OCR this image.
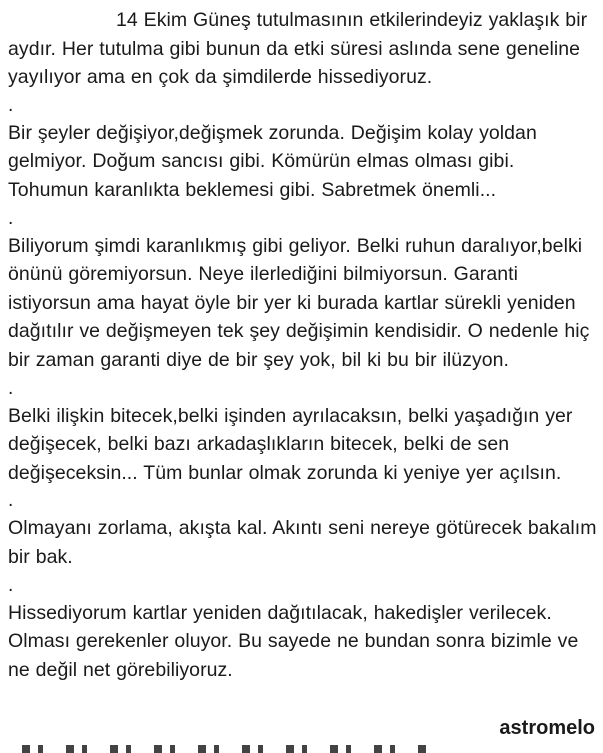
14 Ekim Güneş tutulmasının etkilerindeyiz yaklaşık bir aydır. Her tutulma gibi bunun da etki süresi aslında sene geneline yayılıyor ama en çok da şimdilerde hissediyoruz.

.

Bir şeyler değişiyor,değişmek zorunda. Değişim kolay yoldan gelmiyor. Doğum sancısı gibi. Kömürün elmas olması gibi. Tohumun karanlıkta beklemesi gibi. Sabretmek önemli...

.

Biliyorum şimdi karanlıkmış gibi geliyor. Belki ruhun daralıyor,belki önünü göremiyorsun. Neye ilerlediğini bilmiyorsun. Garanti istiyorsun ama hayat öyle bir yer ki burada kartlar sürekli yeniden dağıtılır ve değişmeyen tek şey değişimin kendisidir. O nedenle hiç bir zaman garanti diye de bir şey yok, bil ki bu bir ilüzyon.

.

Belki ilişkin bitecek,belki işinden ayrılacaksın, belki yaşadığın yer değişecek, belki bazı arkadaşlıkların bitecek, belki de sen değişeceksin... Tüm bunlar olmak zorunda ki yeniye yer açılsın.

.

Olmayanı zorlama, akışta kal. Akıntı seni nereye götürecek bakalım bir bak.

.

Hissediyorum kartlar yeniden dağıtılacak, hakedişler verilecek. Olması gerekenler oluyor. Bu sayede ne bundan sonra bizimle ve ne değil net görebiliyoruz.

astromelo
